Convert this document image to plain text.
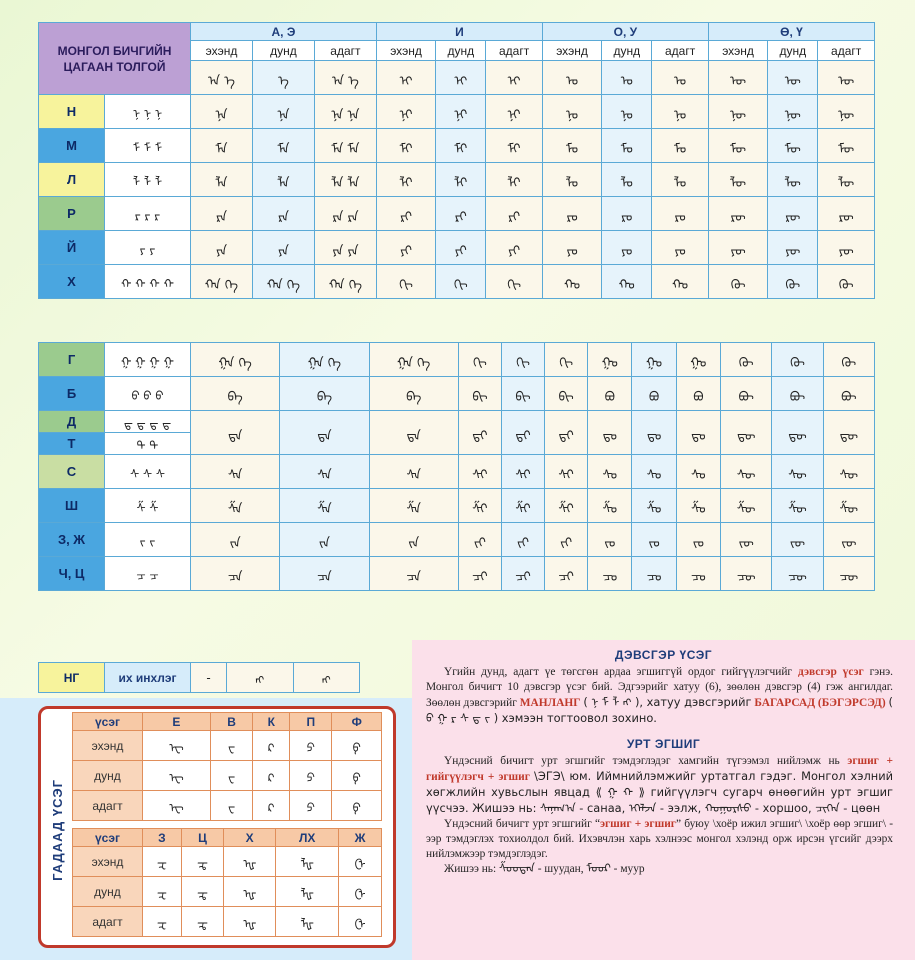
МОНГОЛ БИЧГИЙН ЦАГААН ТОЛГОЙ		А, Э			И			О, У			Ө, Ү		
		эхэнд	дунд	адагт	эхэнд	дунд	адагт	эхэнд	дунд	адагт	эхэнд	дунд	адагт
		ᠠ ᠡ	ᠡ	ᠠ ᠡ	ᠢ	ᠢ	ᠢ	ᠣ	ᠣ	ᠣ	ᠥ	ᠥ	ᠥ
Н	ᠨ ᠨ ᠨ	ᠨᠠ	ᠨᠠ	ᠨᠠ ᠨᠡ	ᠨᠢ	ᠨᠢ	ᠨᠢ	ᠨᠣ	ᠨᠣ	ᠨᠣ	ᠨᠥ	ᠨᠥ	ᠨᠥ
М	ᠮ ᠮ ᠮ	ᠮᠠ	ᠮᠠ	ᠮᠠ ᠮᠡ	ᠮᠢ	ᠮᠢ	ᠮᠢ	ᠮᠣ	ᠮᠣ	ᠮᠣ	ᠮᠥ	ᠮᠥ	ᠮᠥ
Л	ᠯ ᠯ ᠯ	ᠯᠠ	ᠯᠠ	ᠯᠠ ᠯᠡ	ᠯᠢ	ᠯᠢ	ᠯᠢ	ᠯᠣ	ᠯᠣ	ᠯᠣ	ᠯᠥ	ᠯᠥ	ᠯᠥ
Р	ᠷ ᠷ ᠷ	ᠷᠠ	ᠷᠠ	ᠷᠠ ᠷᠡ	ᠷᠢ	ᠷᠢ	ᠷᠢ	ᠷᠣ	ᠷᠣ	ᠷᠣ	ᠷᠥ	ᠷᠥ	ᠷᠥ
Й	ᠶ ᠶ	ᠶᠠ	ᠶᠠ	ᠶᠠ ᠶᠡ	ᠶᠢ	ᠶᠢ	ᠶᠢ	ᠶᠣ	ᠶᠣ	ᠶᠣ	ᠶᠥ	ᠶᠥ	ᠶᠥ
Х	ᠬ ᠬ ᠬ ᠬ	ᠬᠠ ᠬᠡ	ᠬᠠ ᠬᠡ	ᠬᠠ ᠬᠡ	ᠬᠢ	ᠬᠢ	ᠬᠢ	ᠬᠣ	ᠬᠣ	ᠬᠣ	ᠬᠥ	ᠬᠥ	ᠬᠥ
Г	ᠭ ᠭ ᠭ ᠭ	ᠭᠠ ᠭᠡ	ᠭᠠ ᠭᠡ	ᠭᠠ ᠭᠡ	ᠭᠢ	ᠭᠢ	ᠭᠢ	ᠭᠣ	ᠭᠣ	ᠭᠣ	ᠭᠥ	ᠭᠥ	ᠭᠥ
Б	ᠪ ᠪ ᠪ	ᠪᠠ	ᠪᠠ	ᠪᠠ	ᠪᠢ	ᠪᠢ	ᠪᠢ	ᠪᠣ	ᠪᠣ	ᠪᠣ	ᠪᠥ	ᠪᠥ	ᠪᠥ
Д	ᠳ ᠳ ᠳ ᠳ	ᠳᠠ	ᠳᠠ	ᠳᠠ	ᠳᠢ	ᠳᠢ	ᠳᠢ	ᠳᠣ	ᠳᠣ	ᠳᠣ	ᠳᠥ	ᠳᠥ	ᠳᠥ
Т	ᠲ ᠲ												
С	ᠰ ᠰ ᠰ	ᠰᠠ	ᠰᠠ	ᠰᠠ	ᠰᠢ	ᠰᠢ	ᠰᠢ	ᠰᠣ	ᠰᠣ	ᠰᠣ	ᠰᠥ	ᠰᠥ	ᠰᠥ
Ш	ᠱ ᠱ	ᠱᠠ	ᠱᠠ	ᠱᠠ	ᠱᠢ	ᠱᠢ	ᠱᠢ	ᠱᠣ	ᠱᠣ	ᠱᠣ	ᠱᠥ	ᠱᠥ	ᠱᠥ
З, Ж	ᠵ ᠵ	ᠵᠠ	ᠵᠠ	ᠵᠠ	ᠵᠢ	ᠵᠢ	ᠵᠢ	ᠵᠣ	ᠵᠣ	ᠵᠣ	ᠵᠥ	ᠵᠥ	ᠵᠥ
Ч, Ц	ᠴ ᠴ	ᠴᠠ	ᠴᠠ	ᠴᠠ	ᠴᠢ	ᠴᠢ	ᠴᠢ	ᠴᠣ	ᠴᠣ	ᠴᠣ	ᠴᠥ	ᠴᠥ	ᠴᠥ
НГ	их инхлэг	-	ᠩ	ᠩ
ГАДААД ҮСЭГ
үсэг	Е	В	К	П	Ф
эхэнд	ᠧ	ᠸ	ᠺ	ᠫ	ᠹ
дунд	ᠧ	ᠸ	ᠺ	ᠫ	ᠹ
адагт	ᠧ	ᠸ	ᠺ	ᠫ	ᠹ
үсэг	З	Ц	Х	ЛХ	Ж
эхэнд	ᠽ	ᠼ	ᠾ	ᡀ	ᠿ
дунд	ᠽ	ᠼ	ᠾ	ᡀ	ᠿ
адагт	ᠽ	ᠼ	ᠾ	ᡀ	ᠿ
ДЭВСГЭР ҮСЭГ

Үгийн дунд, адагт үе төгсгөн ардаа эгшиггүй ордог гийгүүлэгчийг дэвсгэр үсэг гэнэ. Монгол бичигт 10 дэвсгэр үсэг бий. Эдгээрийг хатуу (6), зөөлөн дэвсгэр (4) гэж ангилдаг. Зөөлөн дэвсгэрийг МАНЛАНГ ( ᠨ ᠮ ᠯ ᠩ ), хатуу дэвсгэрийг БАГАРСАД (БЭГЭРСЭД) ( ᠪ ᠭ ᠷ ᠰ ᠳ ᠵ ) хэмээн тогтоовол зохино.

УРТ ЭГШИГ

Үндэсний бичигт урт эгшгийг тэмдэглэдэг хамгийн түгээмэл нийлэмж нь эгшиг + гийгүүлэгч + эгшиг \ЭГЭ\ юм. Иймнийлэмжийг уртатгал гэдэг. Монгол хэлний хөгжлийн хувьслын явцад ⟪ ᠭ ᠬ ⟫ гийгүүлэгч сугарч өнөөгийн урт эгшиг үүсчээ. Жишээ нь: ᠰᠠᠨᠠᠭ᠎ᠠ - санаа, ᠡᠭᠡᠯᠵᠡ - ээлж, ᠬᠣᠭᠤᠷᠰᠤ - хоршоо, ᠴᠢᠭᠡᠨ - цөөн

Үндэсний бичигт урт эгшгийг “эгшиг + эгшиг” буюу \хоёр ижил эгшиг\ \хоёр өөр эгшиг\ - ээр тэмдэглэх тохиолдол бий. Ихэвчлэн харь хэлнээс монгол хэлэнд орж ирсэн үгсийг дээрх нийлэмжээр тэмдэглэдэг.

Жишээ нь: ᠱᠤᠤᠳᠠᠨ - шуудан, ᠮᠤᠤᠷ - муур
